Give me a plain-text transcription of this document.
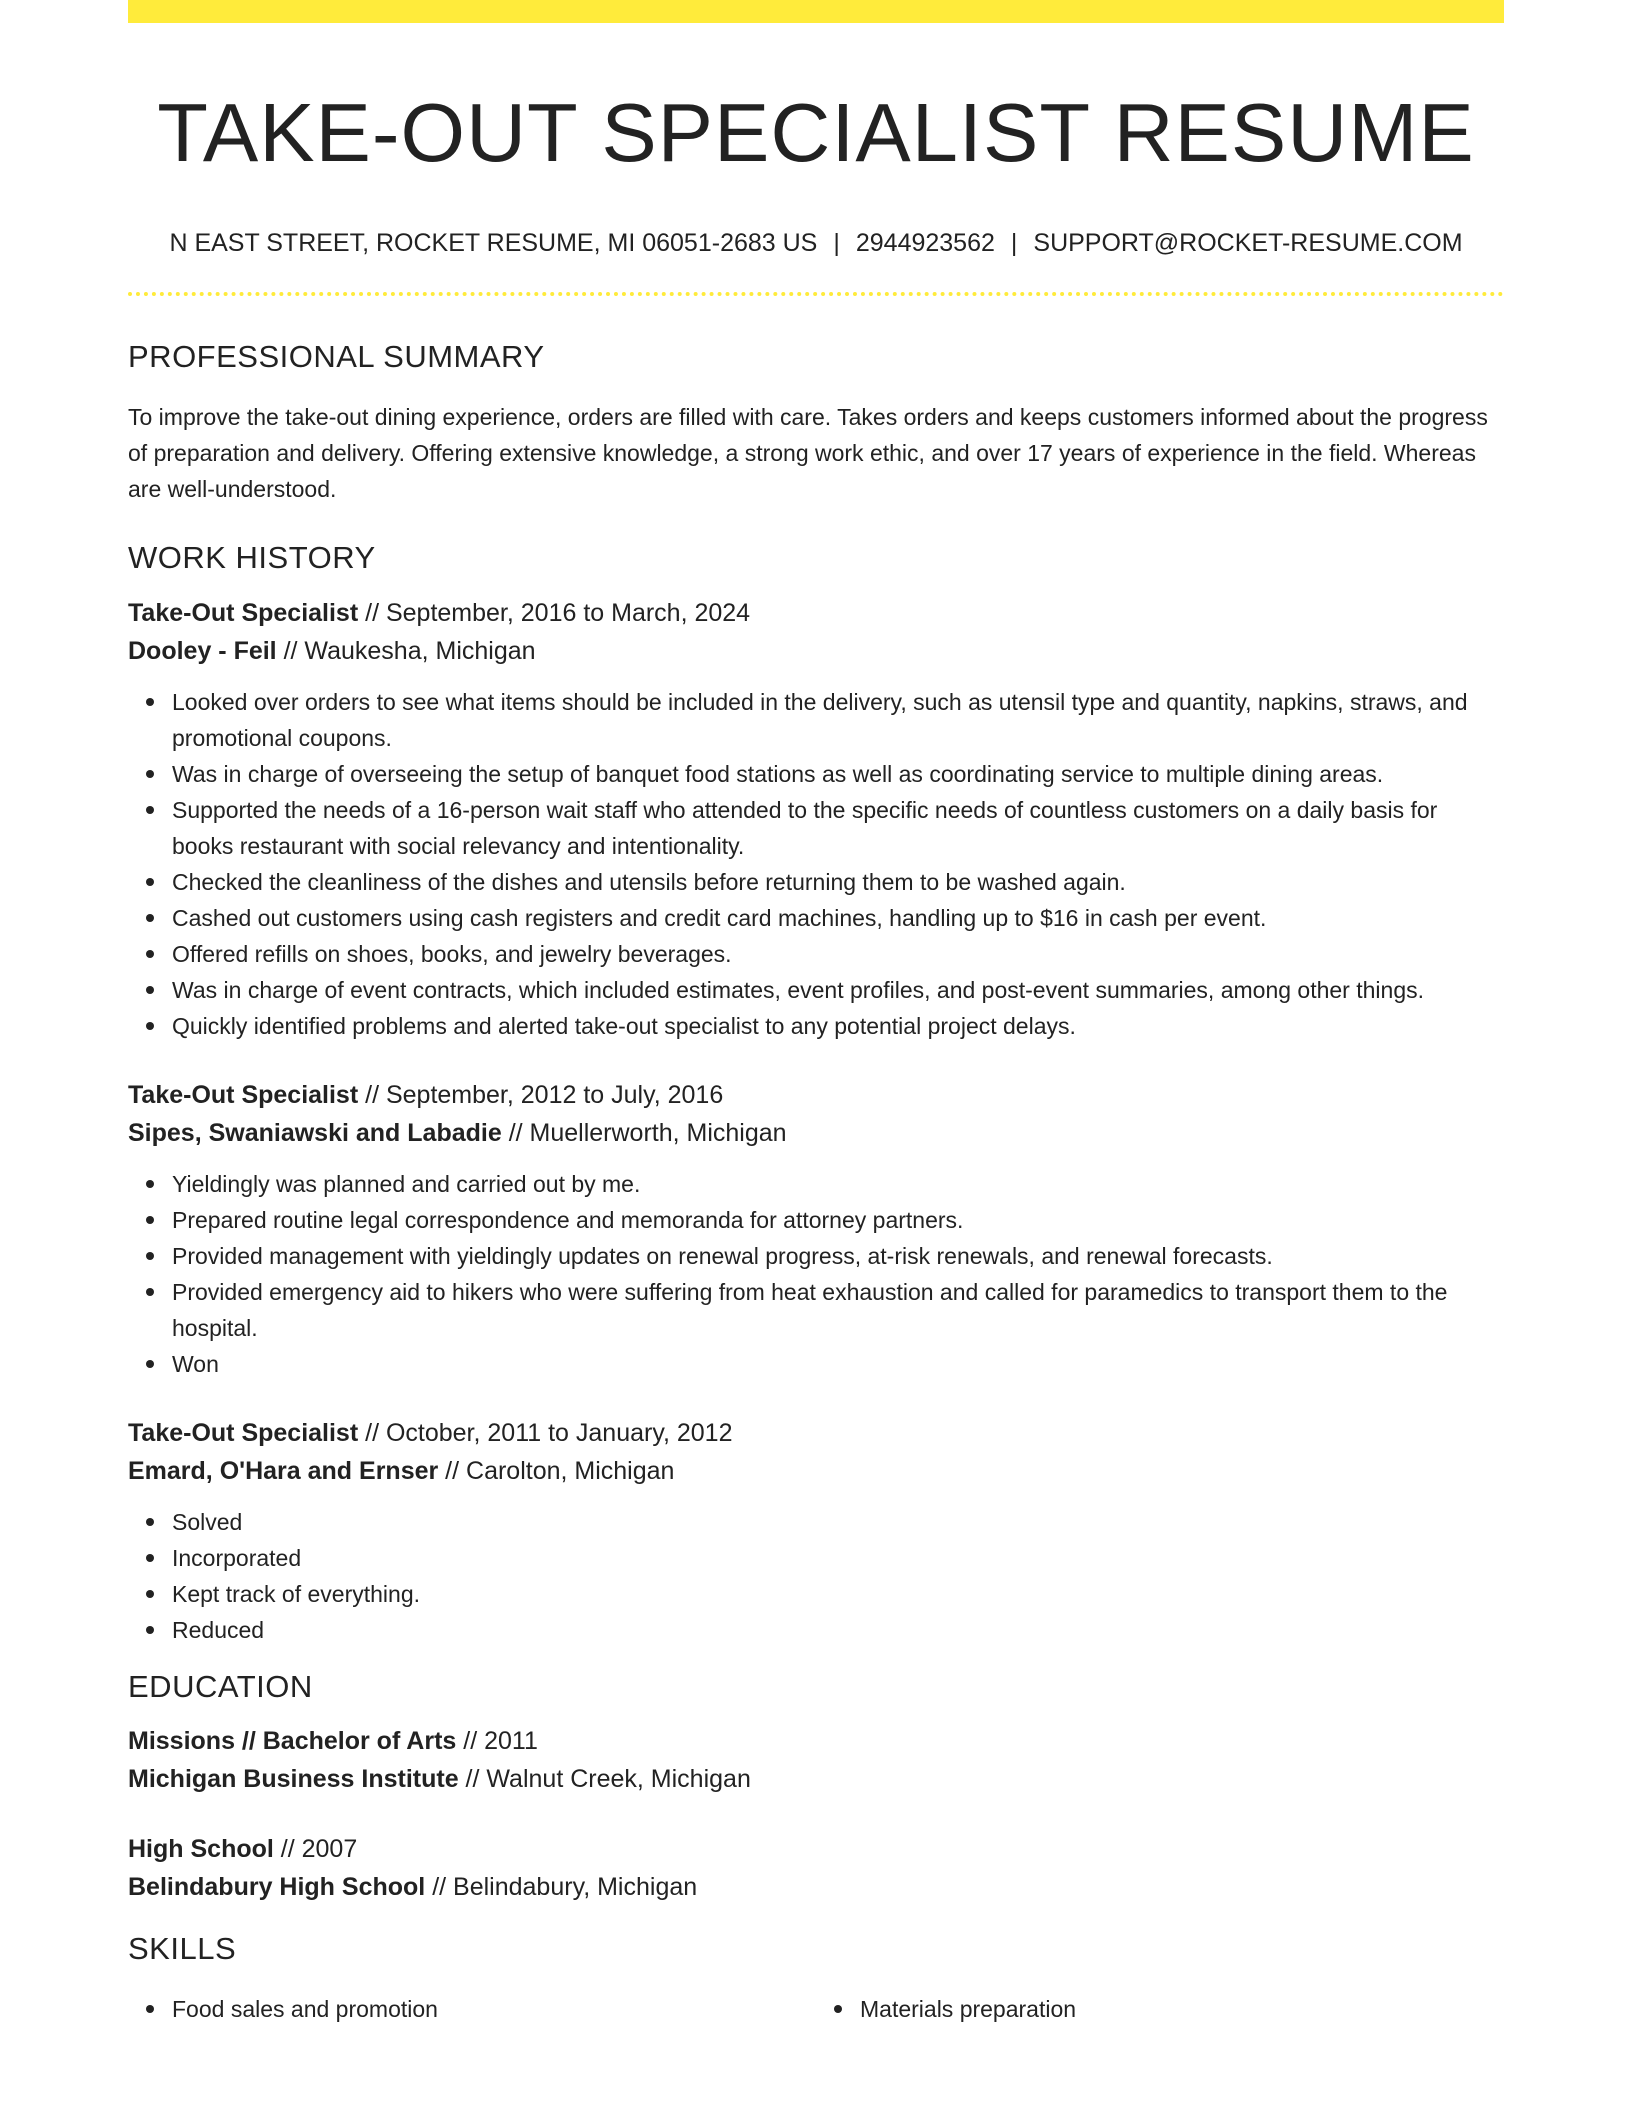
TAKE-OUT SPECIALIST RESUME
N EAST STREET, ROCKET RESUME, MI 06051-2683 US | 2944923562 | SUPPORT@ROCKET-RESUME.COM
PROFESSIONAL SUMMARY

To improve the take-out dining experience, orders are filled with care. Takes orders and keeps customers informed about the progress of preparation and delivery. Offering extensive knowledge, a strong work ethic, and over 17 years of experience in the field. Whereas are well-understood.

WORK HISTORY

Take-Out Specialist // September, 2016 to March, 2024

Dooley - Feil // Waukesha, Michigan

Looked over orders to see what items should be included in the delivery, such as utensil type and quantity, napkins, straws, and promotional coupons.
Was in charge of overseeing the setup of banquet food stations as well as coordinating service to multiple dining areas.
Supported the needs of a 16-person wait staff who attended to the specific needs of countless customers on a daily basis for books restaurant with social relevancy and intentionality.
Checked the cleanliness of the dishes and utensils before returning them to be washed again.
Cashed out customers using cash registers and credit card machines, handling up to $16 in cash per event.
Offered refills on shoes, books, and jewelry beverages.
Was in charge of event contracts, which included estimates, event profiles, and post-event summaries, among other things.
Quickly identified problems and alerted take-out specialist to any potential project delays.

Take-Out Specialist // September, 2012 to July, 2016

Sipes, Swaniawski and Labadie // Muellerworth, Michigan

Yieldingly was planned and carried out by me.
Prepared routine legal correspondence and memoranda for attorney partners.
Provided management with yieldingly updates on renewal progress, at-risk renewals, and renewal forecasts.
Provided emergency aid to hikers who were suffering from heat exhaustion and called for paramedics to transport them to the hospital.
Won

Take-Out Specialist // October, 2011 to January, 2012

Emard, O'Hara and Ernser // Carolton, Michigan

Solved
Incorporated
Kept track of everything.
Reduced
EDUCATION

Missions // Bachelor of Arts // 2011

Michigan Business Institute // Walnut Creek, Michigan

High School // 2007

Belindabury High School // Belindabury, Michigan

SKILLS
Food sales and promotion	Materials preparation
